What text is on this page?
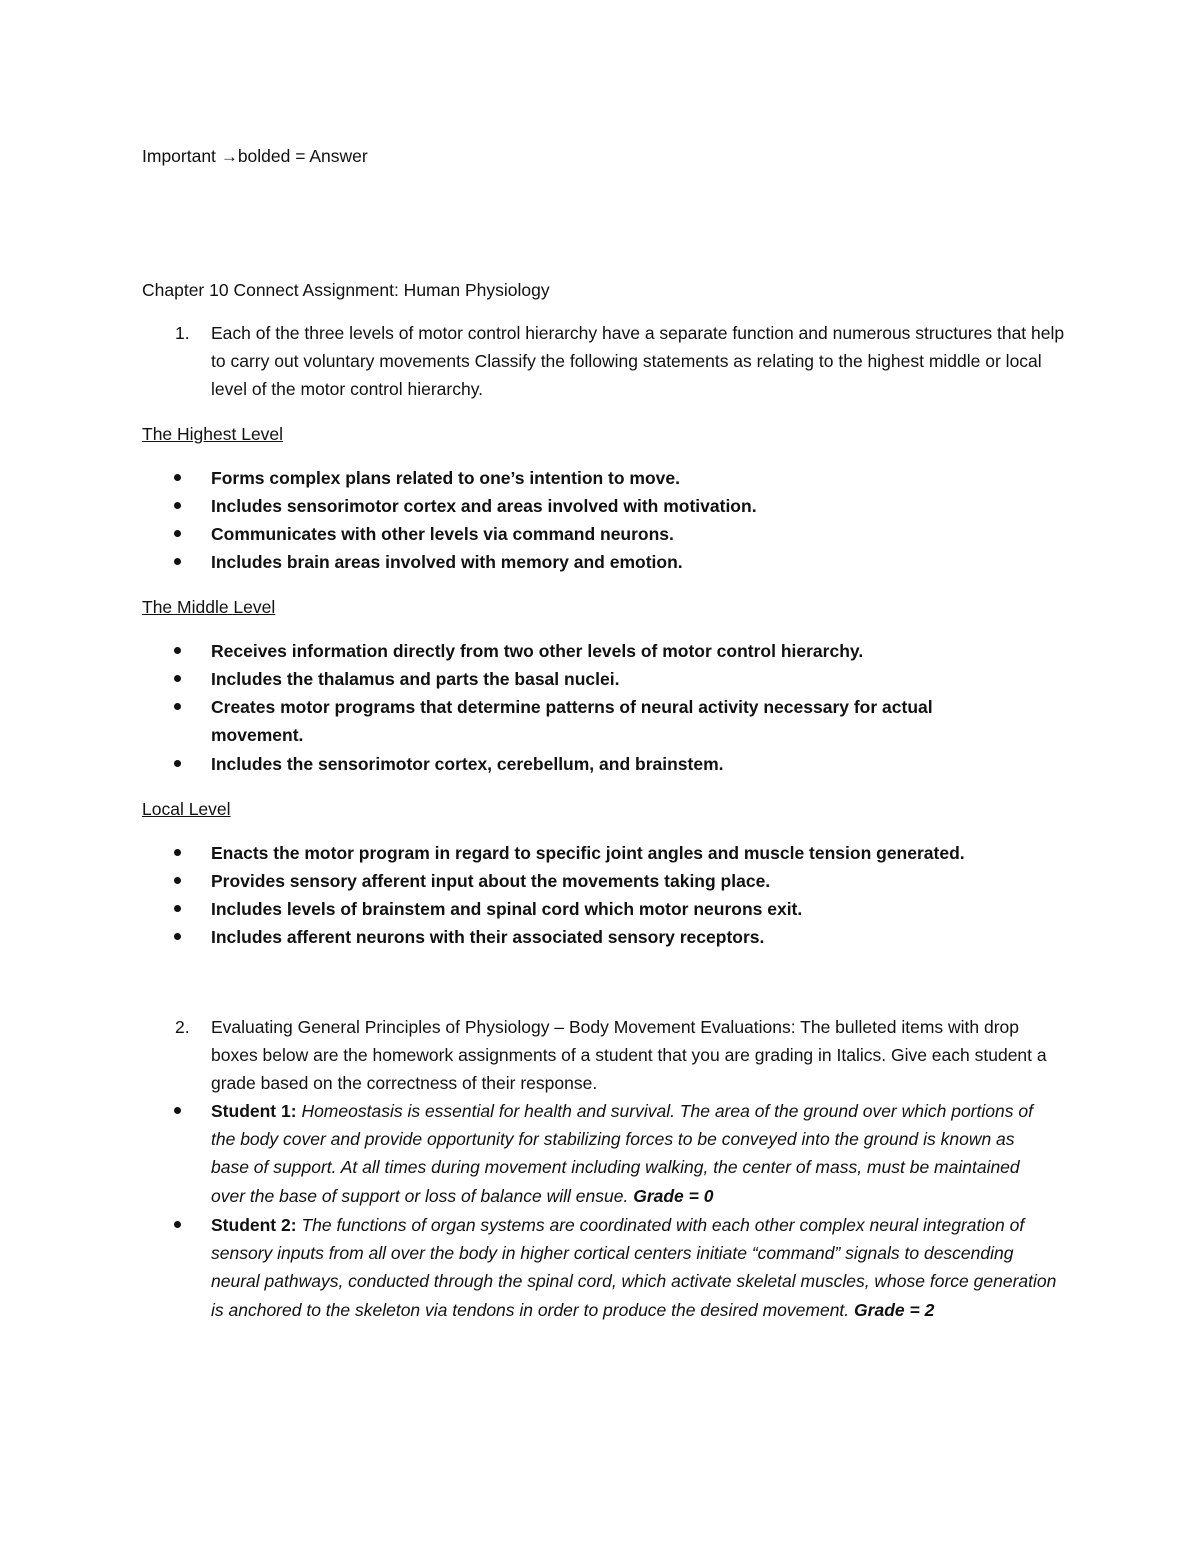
Important →bolded = Answer
Chapter 10 Connect Assignment: Human Physiology
1. Each of the three levels of motor control hierarchy have a separate function and numerous structures that help to carry out voluntary movements Classify the following statements as relating to the highest middle or local level of the motor control hierarchy.
The Highest Level
Forms complex plans related to one’s intention to move.
Includes sensorimotor cortex and areas involved with motivation.
Communicates with other levels via command neurons.
Includes brain areas involved with memory and emotion.
The Middle Level
Receives information directly from two other levels of motor control hierarchy.
Includes the thalamus and parts the basal nuclei.
Creates motor programs that determine patterns of neural activity necessary for actual movement.
Includes the sensorimotor cortex, cerebellum, and brainstem.
Local Level
Enacts the motor program in regard to specific joint angles and muscle tension generated.
Provides sensory afferent input about the movements taking place.
Includes levels of brainstem and spinal cord which motor neurons exit.
Includes afferent neurons with their associated sensory receptors.
2. Evaluating General Principles of Physiology – Body Movement Evaluations: The bulleted items with drop boxes below are the homework assignments of a student that you are grading in Italics. Give each student a grade based on the correctness of their response.
Student 1: Homeostasis is essential for health and survival. The area of the ground over which portions of the body cover and provide opportunity for stabilizing forces to be conveyed into the ground is known as base of support. At all times during movement including walking, the center of mass, must be maintained over the base of support or loss of balance will ensue. Grade = 0
Student 2: The functions of organ systems are coordinated with each other complex neural integration of sensory inputs from all over the body in higher cortical centers initiate “command” signals to descending neural pathways, conducted through the spinal cord, which activate skeletal muscles, whose force generation is anchored to the skeleton via tendons in order to produce the desired movement. Grade = 2
